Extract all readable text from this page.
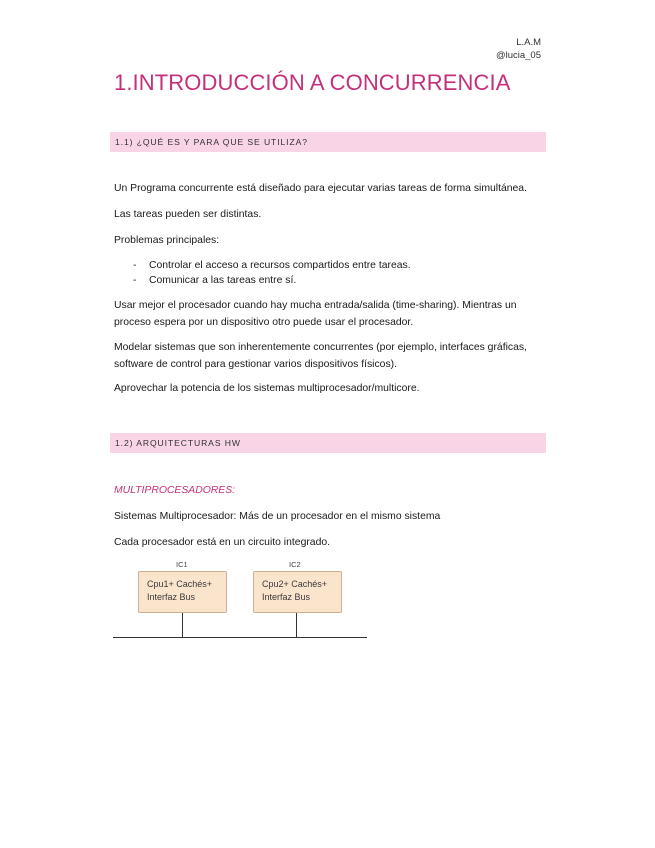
L.A.M
@lucia_05
1.INTRODUCCIÓN A CONCURRENCIA
1.1) ¿QUÉ ES Y PARA QUE SE UTILIZA?

Un Programa concurrente está diseñado para ejecutar varias tareas de forma simultánea.

Las tareas pueden ser distintas.

Problemas principales:

- Controlar el acceso a recursos compartidos entre tareas.
- Comunicar a las tareas entre sí.

Usar mejor el procesador cuando hay mucha entrada/salida (time-sharing). Mientras un proceso espera por un dispositivo otro puede usar el procesador.

Modelar sistemas que son inherentemente concurrentes (por ejemplo, interfaces gráficas, software de control para gestionar varios dispositivos físicos).

Aprovechar la potencia de los sistemas multiprocesador/multicore.

1.2) ARQUITECTURAS HW

MULTIPROCESADORES:

Sistemas Multiprocesador: Más de un procesador en el mismo sistema

Cada procesador está en un circuito integrado.

IC1
Cpu1+ Cachés+
Interfaz Bus
IC2
Cpu2+ Cachés+
Interfaz Bus
